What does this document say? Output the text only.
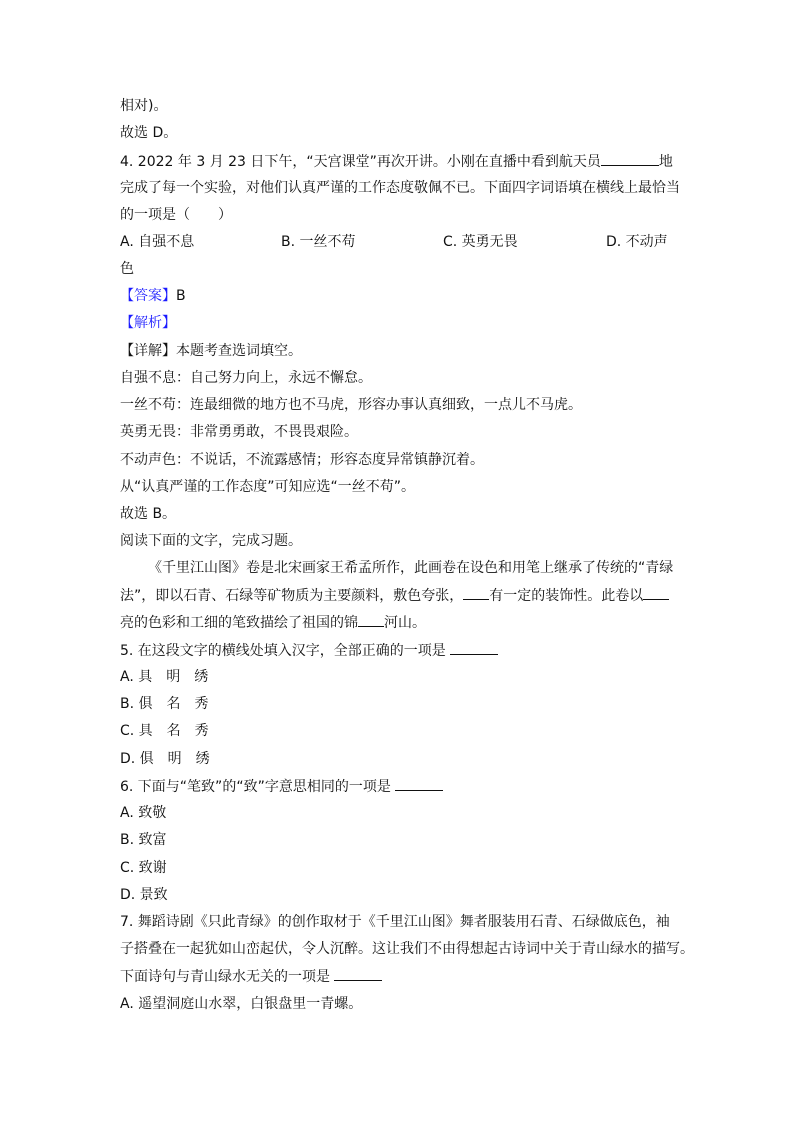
相对)。
故选 D。
4. 2022 年 3 月 23 日下午，“天宫课堂”再次开讲。小刚在直播中看到航天员	地
完成了每一个实验，对他们认真严谨的工作态度敬佩不已。下面四字词语填在横线上最恰当
的一项是（　　）
A. 自强不息	B. 一丝不苟	C. 英勇无畏	D. 不动声
色
【答案】B
【解析】
【详解】本题考查选词填空。
自强不息：自己努力向上，永远不懈怠。
一丝不苟：连最细微的地方也不马虎，形容办事认真细致，一点儿不马虎。
英勇无畏：非常勇勇敢，不畏畏艰险。
不动声色：不说话，不流露感情；形容态度异常镇静沉着。
从“认真严谨的工作态度”可知应选“一丝不苟”。
故选 B。
阅读下面的文字，完成习题。
《千里江山图》卷是北宋画家王希孟所作，此画卷在设色和用笔上继承了传统的“青绿
法”，即以石青、石绿等矿物质为主要颜料，敷色夸张， 有一定的装饰性。此卷以
亮的色彩和工细的笔致描绘了祖国的锦 河山。
5. 在这段文字的横线处填入汉字，全部正确的一项是
A. 具　明　绣
B. 俱　名　秀
C. 具　名　秀
D. 俱　明　绣
6. 下面与“笔致”的“致”字意思相同的一项是
A. 致敬
B. 致富
C. 致谢
D. 景致
7. 舞蹈诗剧《只此青绿》的创作取材于《千里江山图》舞者服装用石青、石绿做底色，袖
子搭叠在一起犹如山峦起伏，令人沉醉。这让我们不由得想起古诗词中关于青山绿水的描写。
下面诗句与青山绿水无关的一项是
A. 遥望洞庭山水翠，白银盘里一青螺。
